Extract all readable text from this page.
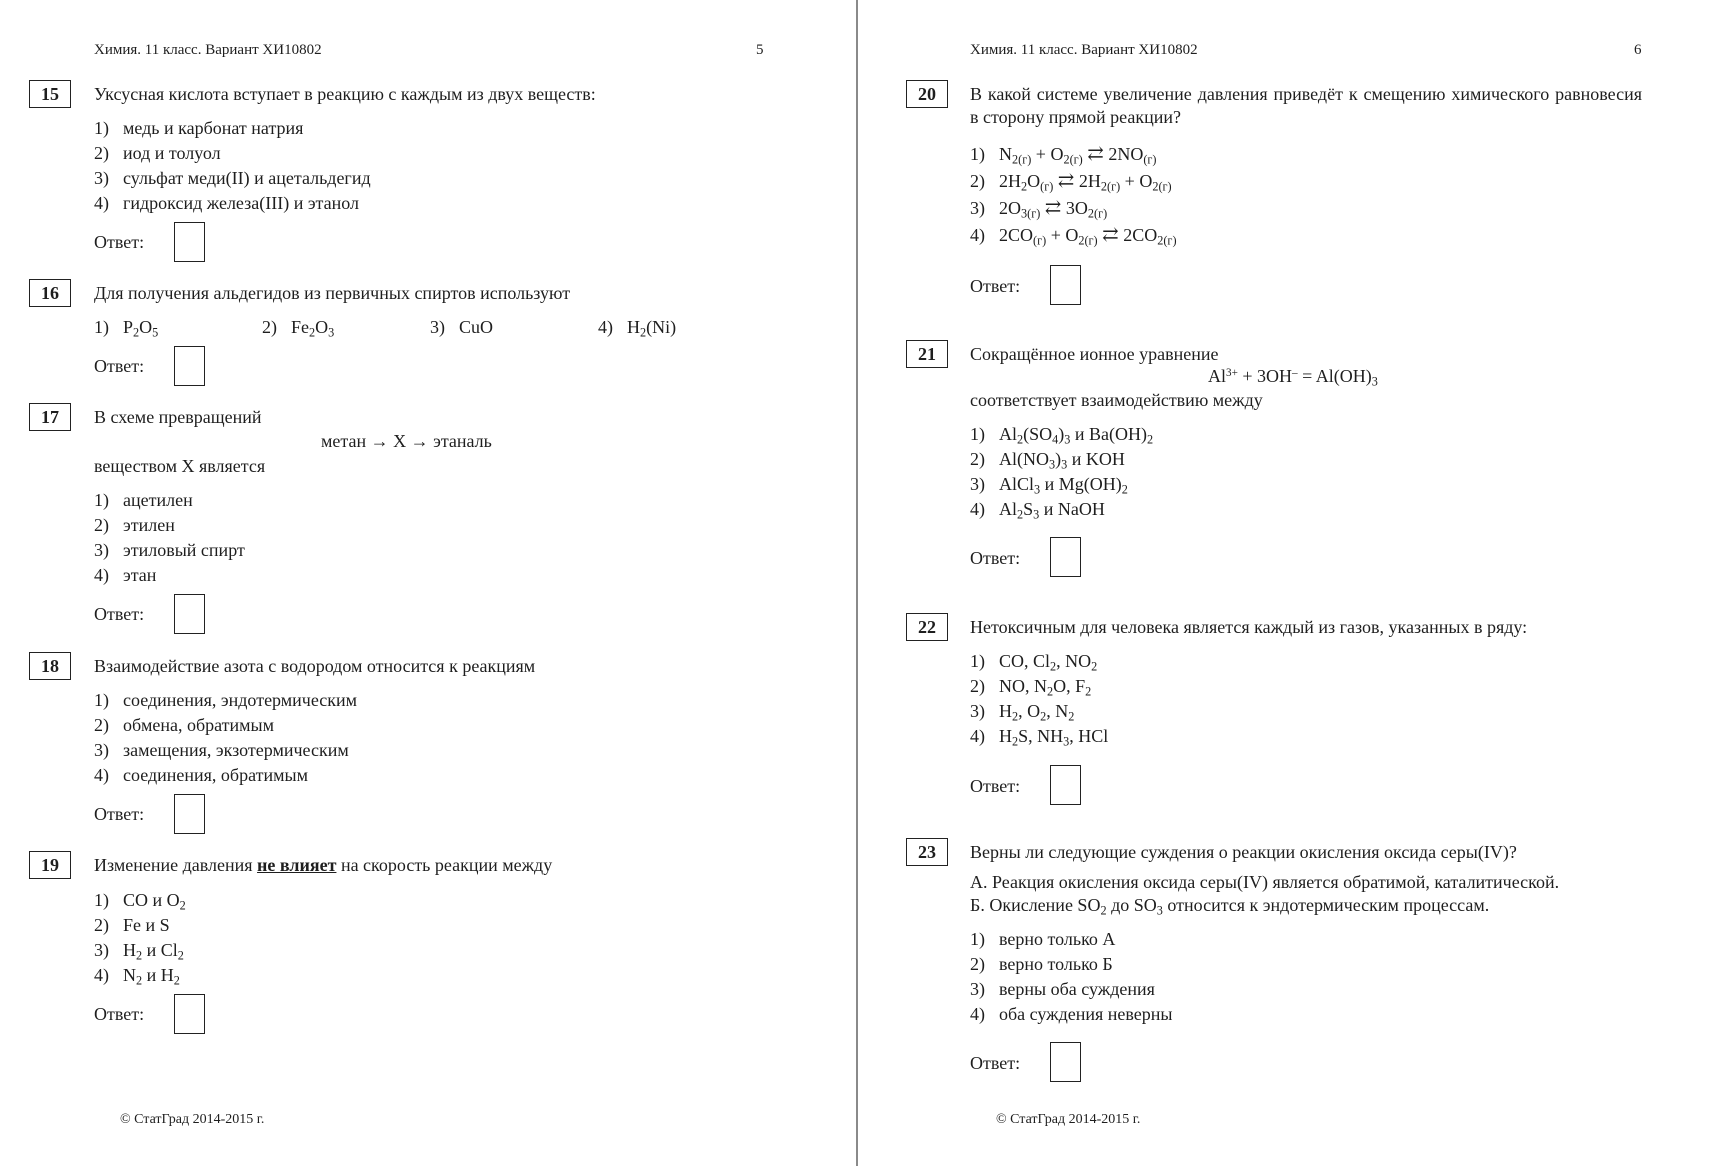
Химия. 11 класс. Вариант ХИ10802	5
15	Уксусная кислота вступает в реакцию с каждым из двух веществ:
1) медь и карбонат натрия
2) иод и толуол
3) сульфат меди(II) и ацетальдегид
4) гидроксид железа(III) и этанол
Ответ:
16	Для получения альдегидов из первичных спиртов используют
1) $P_2O_5$	2) $Fe_2O_3$	3) CuO	4) $H_2(Ni)$
Ответ:
17	В схеме превращений
метан → X → этаналь
веществом Х является
1) ацетилен
2) этилен
3) этиловый спирт
4) этан
Ответ:
18	Взаимодействие азота с водородом относится к реакциям
1) соединения, эндотермическим
2) обмена, обратимым
3) замещения, экзотермическим
4) соединения, обратимым
Ответ:
19	Изменение давления не влияет на скорость реакции между
1) CO и $O_2$
2) Fe и S
3) $H_2$ и $Cl_2$
4) $N_2$ и $H_2$
Ответ:
© СтатГрад 2014-2015 г.
Химия. 11 класс. Вариант ХИ10802	6
20	В какой системе увеличение давления приведёт к смещению химического равновесия в сторону прямой реакции?
1) $N_{2(г)} + O_{2(г)}$ ⇄ $2NO_{(г)}$
2) $2H_2O_{(г)}$ ⇄ $2H_{2(г)} + O_{2(г)}$
3) $2O_{3(г)}$ ⇄ $3O_{2(г)}$
4) $2CO_{(г)} + O_{2(г)}$ ⇄ $2CO_{2(г)}$
Ответ:
21	Сокращённое ионное уравнение
$Al^{3+} + 3OH^- = Al(OH)_3$
соответствует взаимодействию между
1) $Al_2(SO_4)_3$ и $Ba(OH)_2$
2) $Al(NO_3)_3$ и KOH
3) AlCl$_3$ и $Mg(OH)_2$
4) $Al_2S_3$ и NaOH
Ответ:
22	Нетоксичным для человека является каждый из газов, указанных в ряду:
1) CO, $Cl_2$, $NO_2$
2) NO, $N_2O$, $F_2$
3) $H_2$, $O_2$, $N_2$
4) $H_2S$, $NH_3$, HCl
Ответ:
23	Верны ли следующие суждения о реакции окисления оксида серы(IV)?
А. Реакция окисления оксида серы(IV) является обратимой, каталитической.
Б. Окисление $SO_2$ до $SO_3$ относится к эндотермическим процессам.
1) верно только А
2) верно только Б
3) верны оба суждения
4) оба суждения неверны
Ответ:
© СтатГрад 2014-2015 г.
